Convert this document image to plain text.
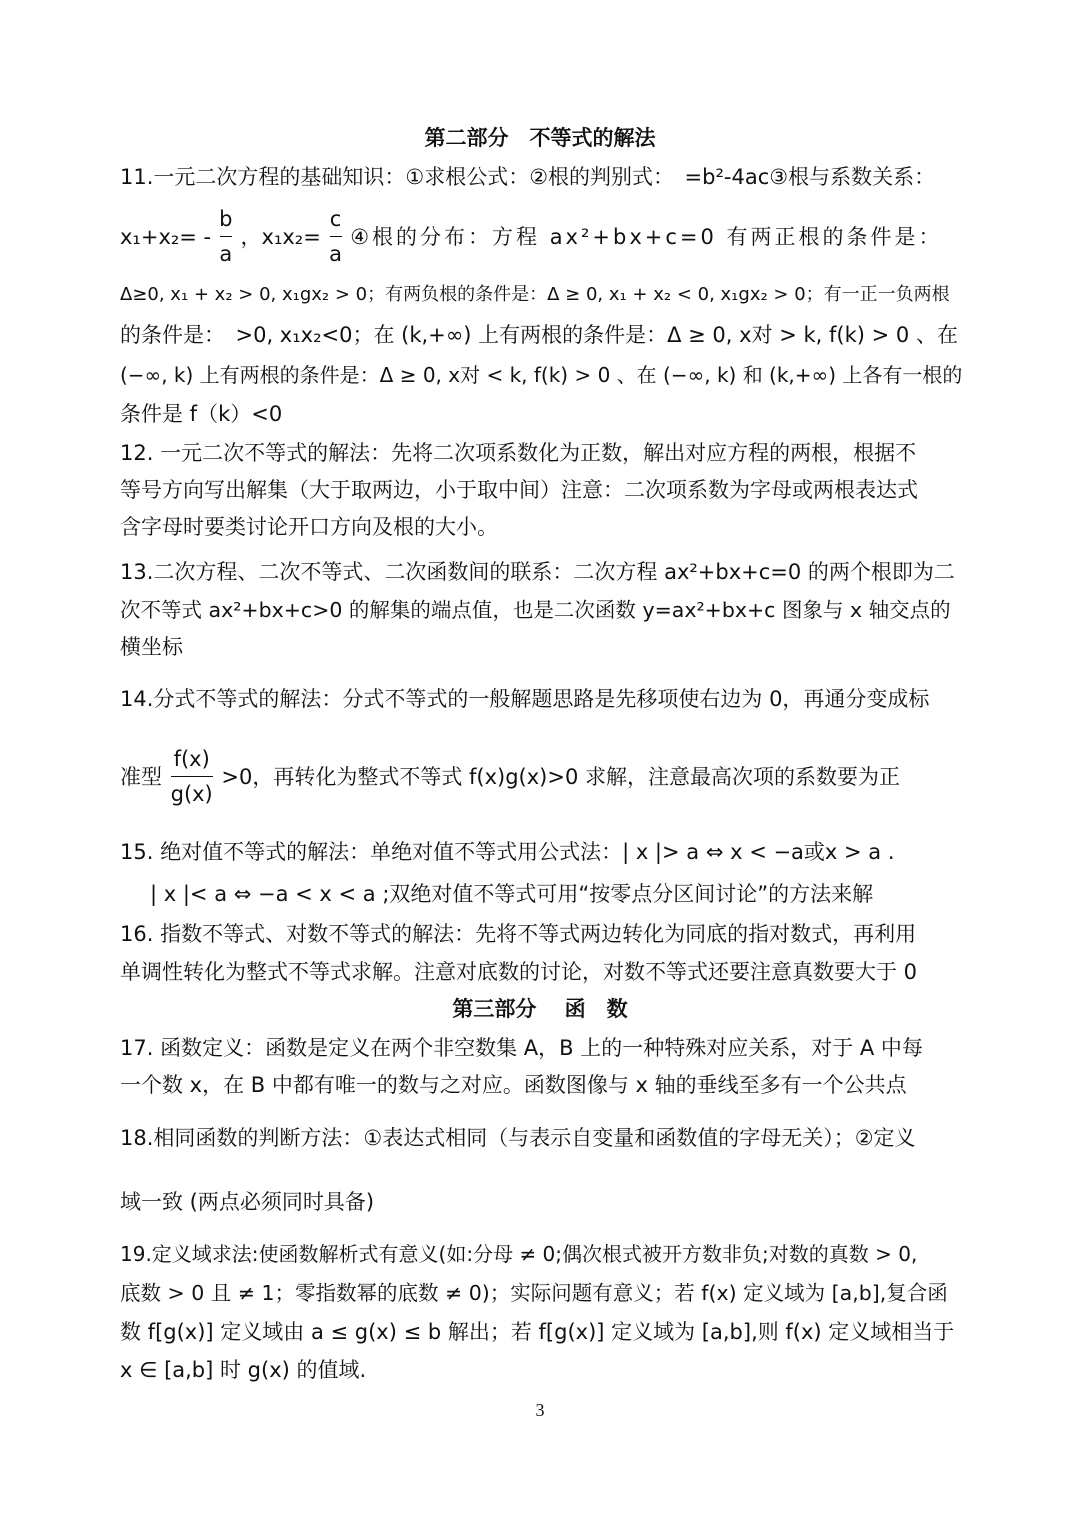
第二部分　不等式的解法
11.一元二次方程的基础知识：①求根公式：②根的判别式：　=b²-4ac③根与系数关系：
$x_1+x_2= - \frac{b}{a}$ ，$x_1x_2= \frac{c}{a}$ ④根的分布：方程 ax²+bx+c=0 有两正根的条件是：
Δ≥0, x₁ + x₂ > 0, x₁gx₂ > 0；有两负根的条件是：Δ ≥ 0, x₁ + x₂ < 0, x₁gx₂ > 0；有一正一负两根
的条件是：　>0, x₁x₂<0；在 (k,+∞) 上有两根的条件是：Δ ≥ 0, x对 > k, f(k) > 0 、在
(−∞, k) 上有两根的条件是：Δ ≥ 0, x对 < k, f(k) > 0 、在 (−∞, k) 和 (k,+∞) 上各有一根的
条件是 f（k）<0
12. 一元二次不等式的解法：先将二次项系数化为正数，解出对应方程的两根，根据不
等号方向写出解集（大于取两边，小于取中间）注意：二次项系数为字母或两根表达式
含字母时要类讨论开口方向及根的大小。
13.二次方程、二次不等式、二次函数间的联系：二次方程 ax²+bx+c=0 的两个根即为二
次不等式 ax²+bx+c>0 的解集的端点值，也是二次函数 y=ax²+bx+c 图象与 x 轴交点的
横坐标
14.分式不等式的解法：分式不等式的一般解题思路是先移项使右边为 0，再通分变成标
准型 $\frac{f(x)}{g(x)} >0$，再转化为整式不等式 f(x)g(x)>0 求解，注意最高次项的系数要为正
15. 绝对值不等式的解法：单绝对值不等式用公式法：| x |> a ⇔ x < −a或x > a .
| x |< a ⇔ −a < x < a ;双绝对值不等式可用“按零点分区间讨论”的方法来解
16. 指数不等式、对数不等式的解法：先将不等式两边转化为同底的指对数式，再利用
单调性转化为整式不等式求解。注意对底数的讨论，对数不等式还要注意真数要大于 0
第三部分　 函　数
17. 函数定义：函数是定义在两个非空数集 A，B 上的一种特殊对应关系，对于 A 中每
一个数 x，在 B 中都有唯一的数与之对应。函数图像与 x 轴的垂线至多有一个公共点
18.相同函数的判断方法：①表达式相同（与表示自变量和函数值的字母无关）；②定义
域一致 (两点必须同时具备)
19.定义域求法:使函数解析式有意义(如:分母 ≠ 0;偶次根式被开方数非负;对数的真数 > 0,
底数 > 0 且 ≠ 1；零指数幂的底数 ≠ 0)；实际问题有意义；若 f(x) 定义域为 [a,b],复合函
数 f[g(x)] 定义域由 a ≤ g(x) ≤ b 解出；若 f[g(x)] 定义域为 [a,b],则 f(x) 定义域相当于
x ∈ [a,b] 时 g(x) 的值域.
3
